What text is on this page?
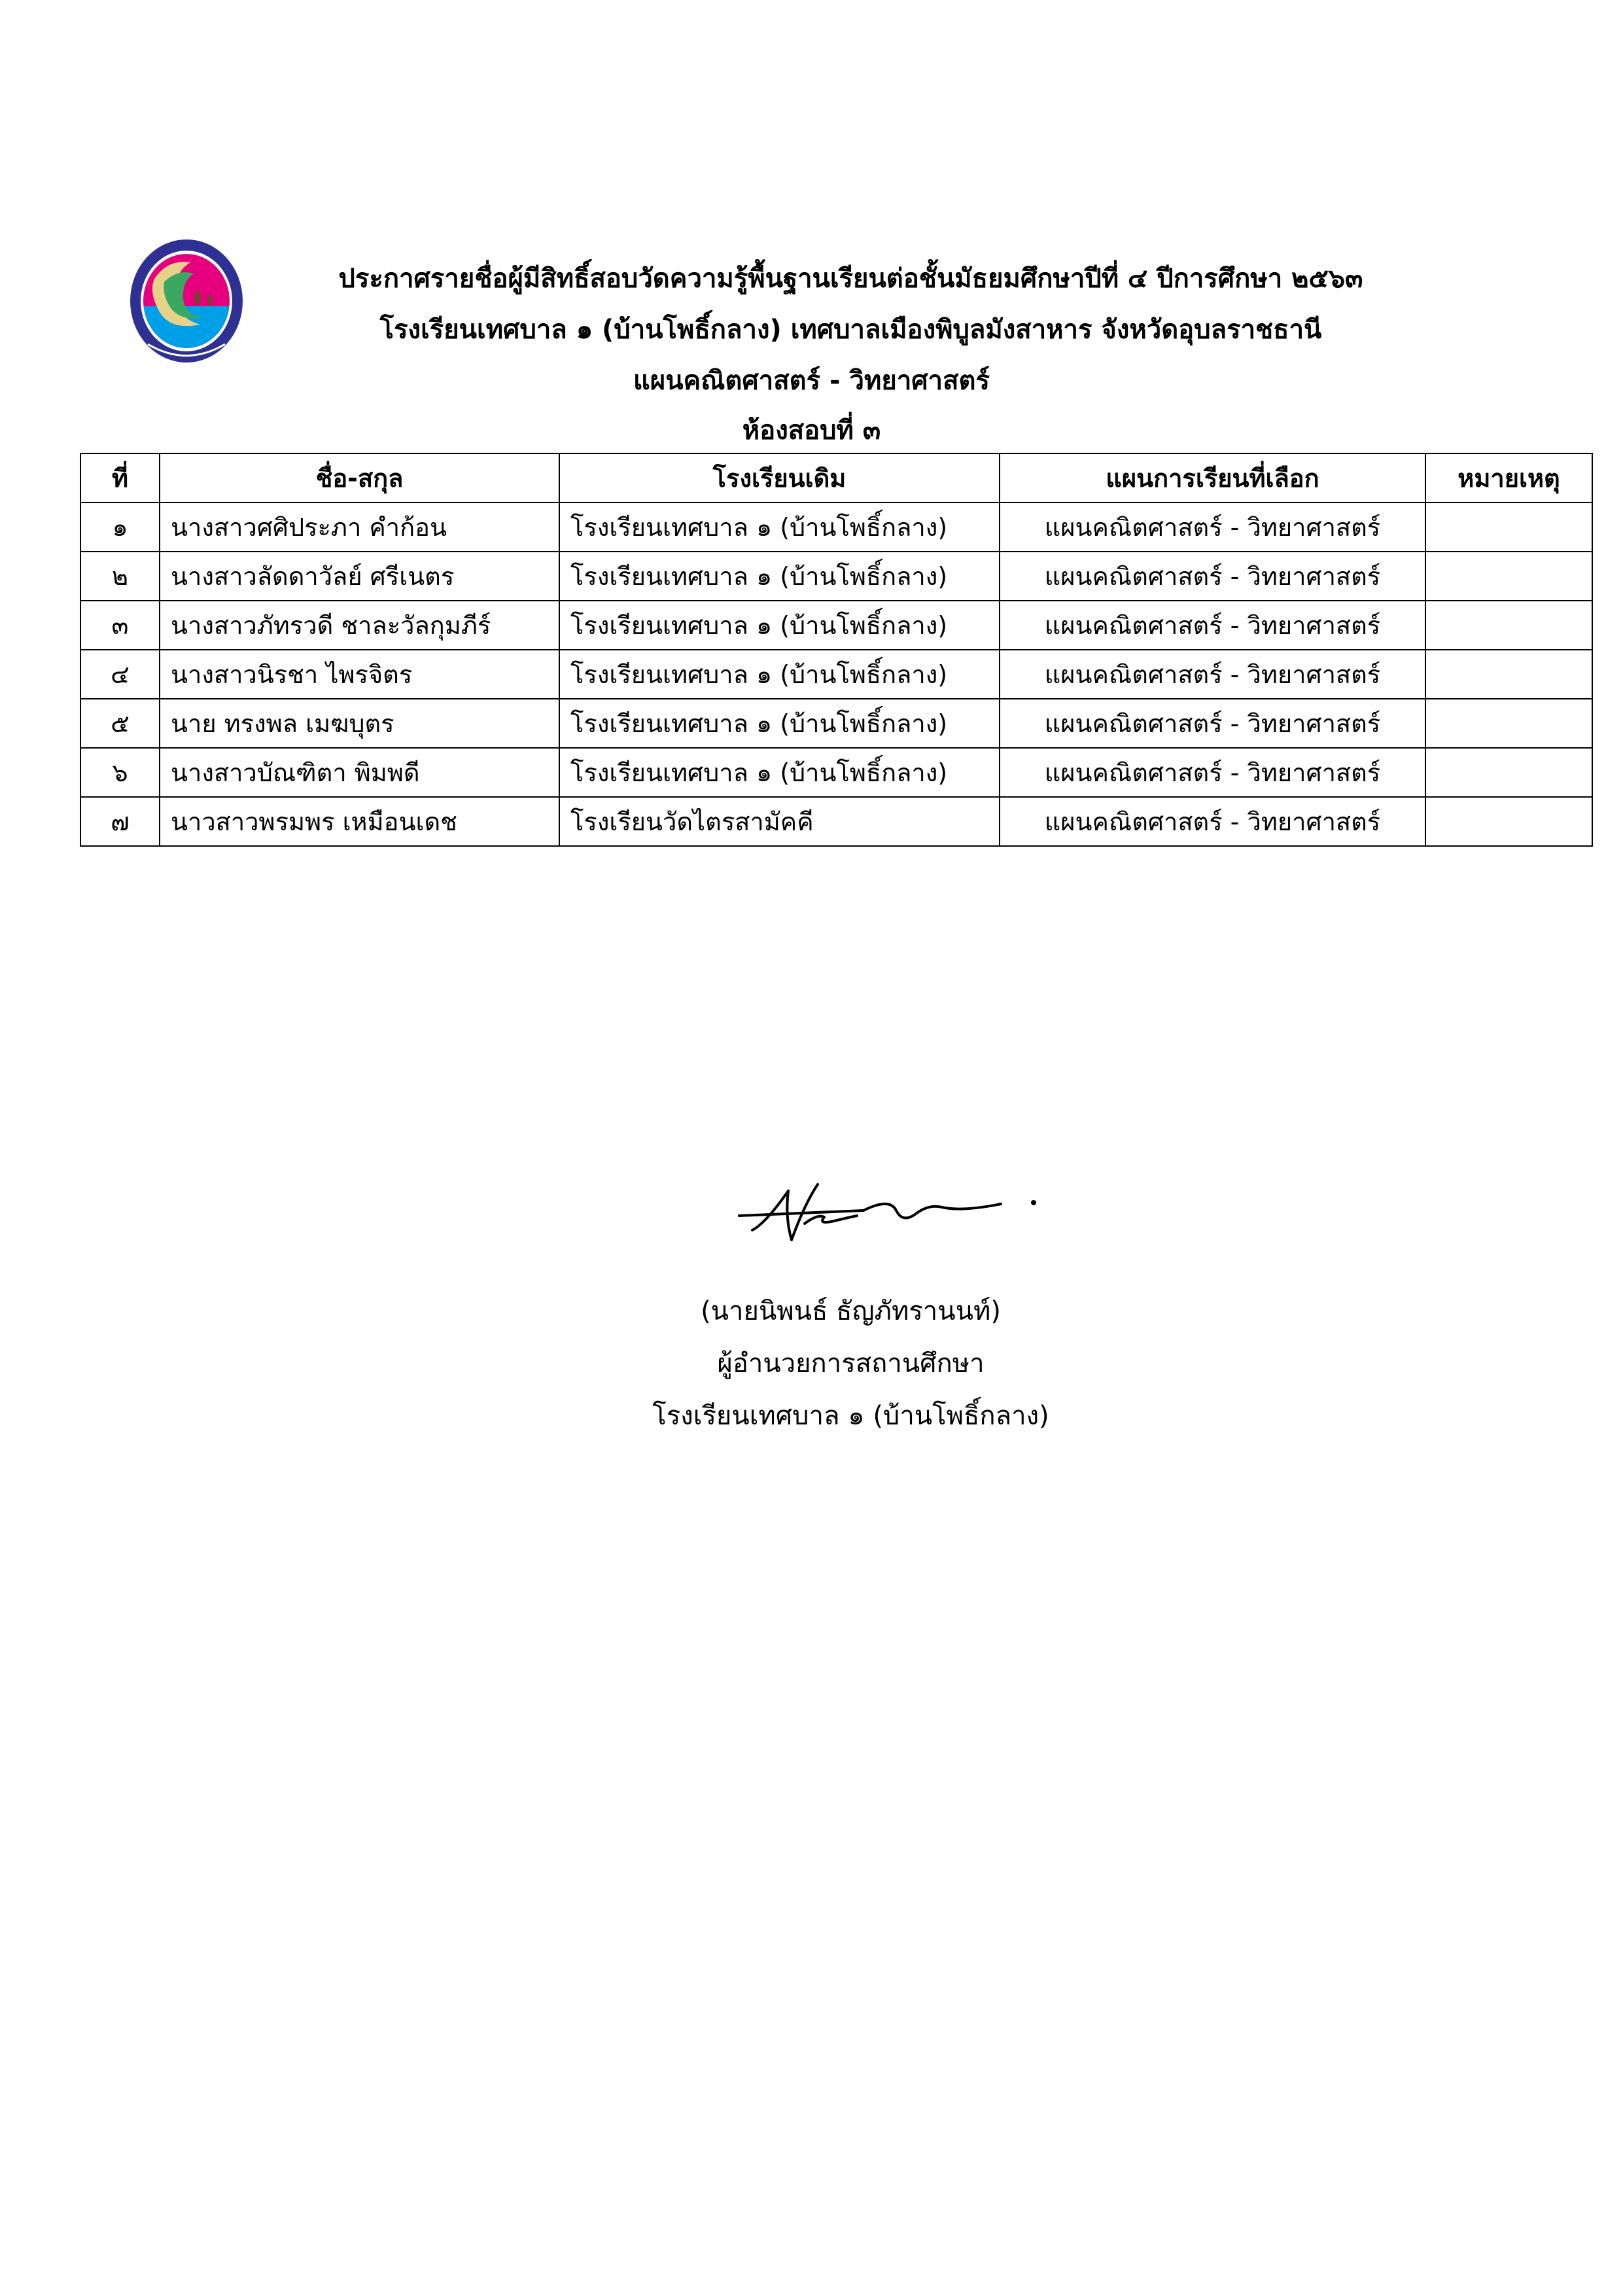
ประกาศรายชื่อผู้มีสิทธิ์สอบวัดความรู้พื้นฐานเรียนต่อชั้นมัธยมศึกษาปีที่ ๔ ปีการศึกษา ๒๕๖๓
โรงเรียนเทศบาล ๑ (บ้านโพธิ์กลาง) เทศบาลเมืองพิบูลมังสาหาร จังหวัดอุบลราชธานี
แผนคณิตศาสตร์ - วิทยาศาสตร์
ห้องสอบที่ ๓
ที่	ชื่อ-สกุล	โรงเรียนเดิม	แผนการเรียนที่เลือก	หมายเหตุ
๑	นางสาวศศิประภา คำก้อน	โรงเรียนเทศบาล ๑ (บ้านโพธิ์กลาง)	แผนคณิตศาสตร์ - วิทยาศาสตร์	
๒	นางสาวลัดดาวัลย์ ศรีเนตร	โรงเรียนเทศบาล ๑ (บ้านโพธิ์กลาง)	แผนคณิตศาสตร์ - วิทยาศาสตร์	
๓	นางสาวภัทรวดี ชาละวัลกุมภีร์	โรงเรียนเทศบาล ๑ (บ้านโพธิ์กลาง)	แผนคณิตศาสตร์ - วิทยาศาสตร์	
๔	นางสาวนิรชา ไพรจิตร	โรงเรียนเทศบาล ๑ (บ้านโพธิ์กลาง)	แผนคณิตศาสตร์ - วิทยาศาสตร์	
๕	นาย ทรงพล เมฆบุตร	โรงเรียนเทศบาล ๑ (บ้านโพธิ์กลาง)	แผนคณิตศาสตร์ - วิทยาศาสตร์	
๖	นางสาวบัณฑิตา พิมพดี	โรงเรียนเทศบาล ๑ (บ้านโพธิ์กลาง)	แผนคณิตศาสตร์ - วิทยาศาสตร์	
๗	นาวสาวพรมพร เหมือนเดช	โรงเรียนวัดไตรสามัคคี	แผนคณิตศาสตร์ - วิทยาศาสตร์	
(นายนิพนธ์ ธัญภัทรานนท์)
ผู้อำนวยการสถานศึกษา
โรงเรียนเทศบาล ๑ (บ้านโพธิ์กลาง)
